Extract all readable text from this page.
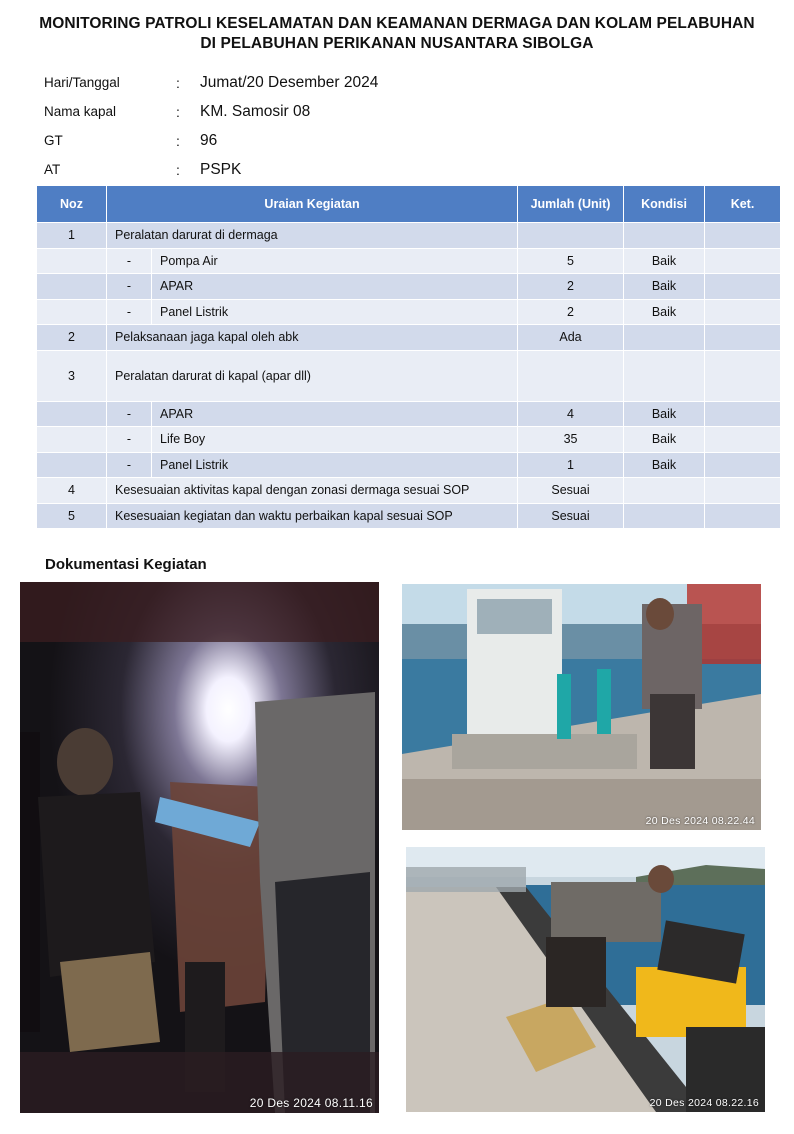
MONITORING PATROLI KESELAMATAN DAN KEAMANAN DERMAGA DAN KOLAM PELABUHAN
DI PELABUHAN PERIKANAN NUSANTARA SIBOLGA
Hari/Tanggal	:	Jumat/20 Desember 2024
Nama kapal	:	KM. Samosir 08
GT	:	96
AT	:	PSPK
Noz	Uraian Kegiatan		Jumlah (Unit)	Kondisi	Ket.
1	Peralatan darurat di dermaga				
	-	Pompa Air	5	Baik	
	-	APAR	2	Baik	
	-	Panel Listrik	2	Baik	
2	Pelaksanaan jaga kapal oleh abk		Ada		
3	Peralatan darurat di kapal (apar dll)				
	-	APAR	4	Baik	
	-	Life Boy	35	Baik	
	-	Panel Listrik	1	Baik	
4	Kesesuaian aktivitas kapal dengan zonasi dermaga sesuai SOP		Sesuai		
5	Kesesuaian kegiatan dan waktu perbaikan kapal sesuai SOP		Sesuai		
Dokumentasi Kegiatan
20 Des 2024 08.11.16
20 Des 2024 08.22.44
20 Des 2024 08.22.16
